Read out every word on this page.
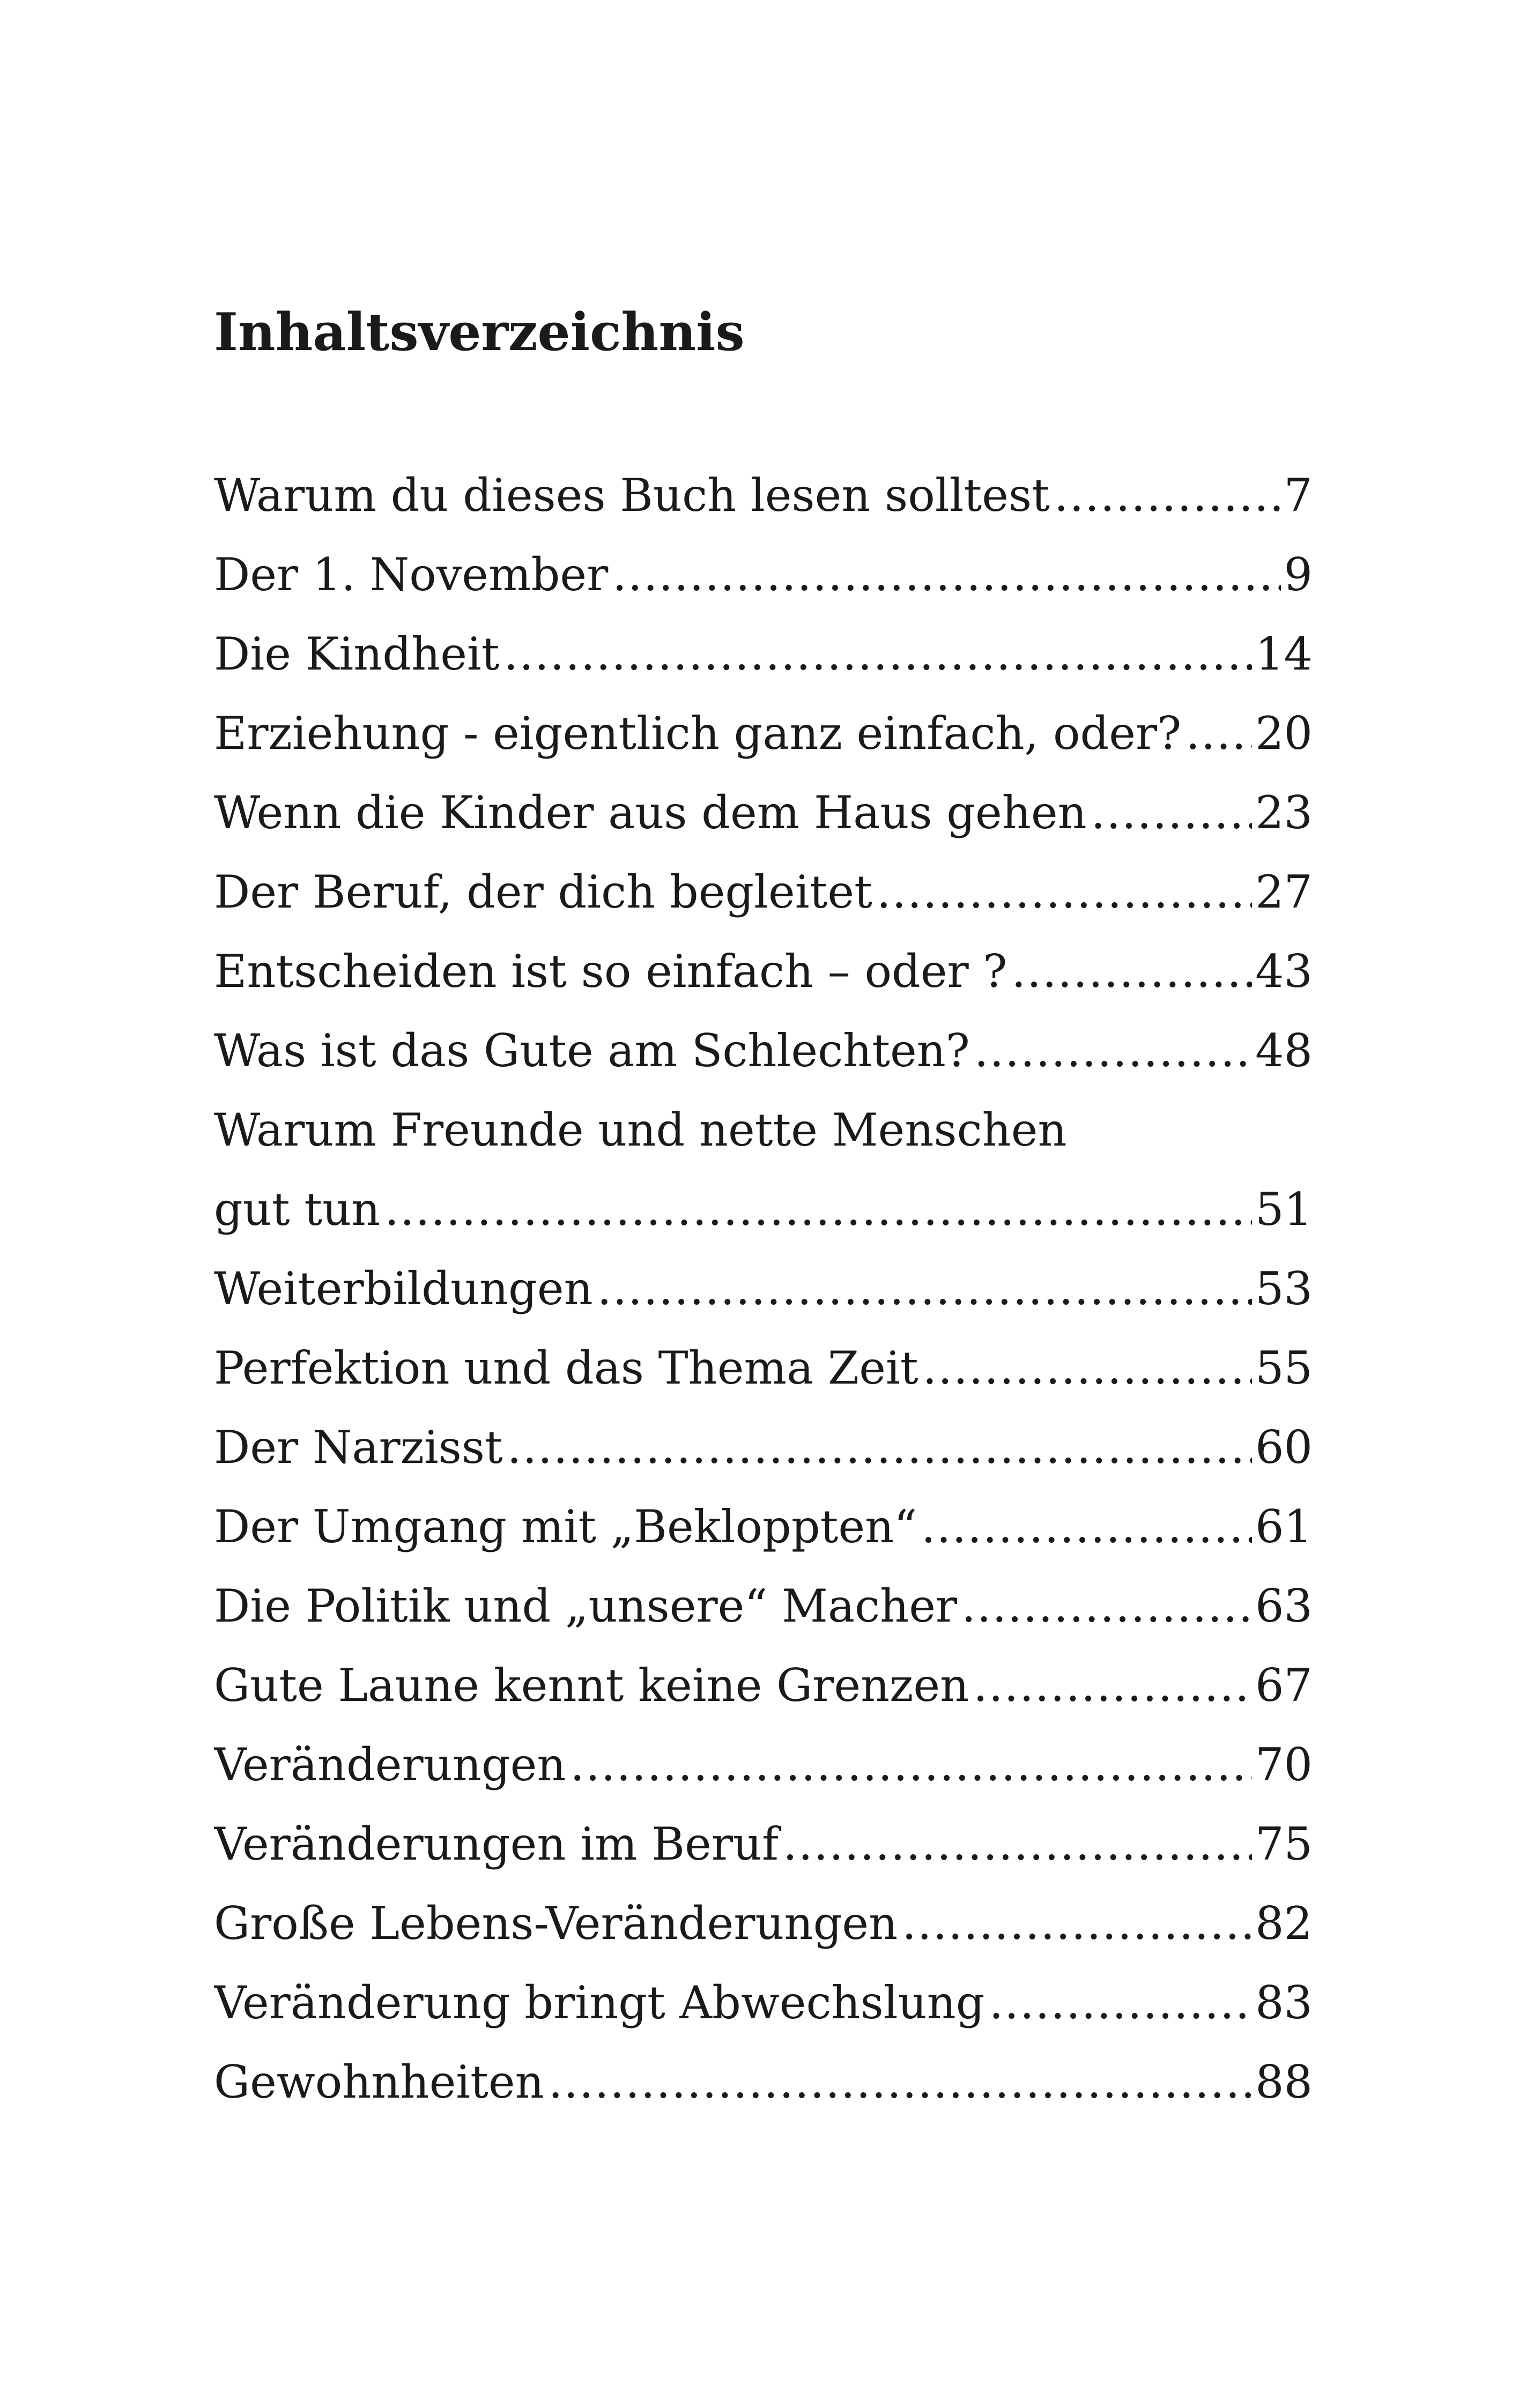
Inhaltsverzeichnis
Warum du dieses Buch lesen solltest .....	7
Der 1. November .....	9
Die Kindheit .....	14
Erziehung - eigentlich ganz einfach, oder? ..... 20
Wenn die Kinder aus dem Haus gehen .....	23
Der Beruf, der dich begleitet .....	27
Entscheiden ist so einfach – oder ? .....	43
Was ist das Gute am Schlechten? .....	48
Warum Freunde und nette Menschen
gut tun .....	51
Weiterbildungen .....	53
Perfektion und das Thema Zeit .....	55
Der Narzisst .....	60
Der Umgang mit „Bekloppten“ .....	61
Die Politik und „unsere“ Macher .....	63
Gute Laune kennt keine Grenzen .....	67
Veränderungen .....	70
Veränderungen im Beruf .....	75
Große Lebens-Veränderungen .....	82
Veränderung bringt Abwechslung .....	83
Gewohnheiten .....	88
